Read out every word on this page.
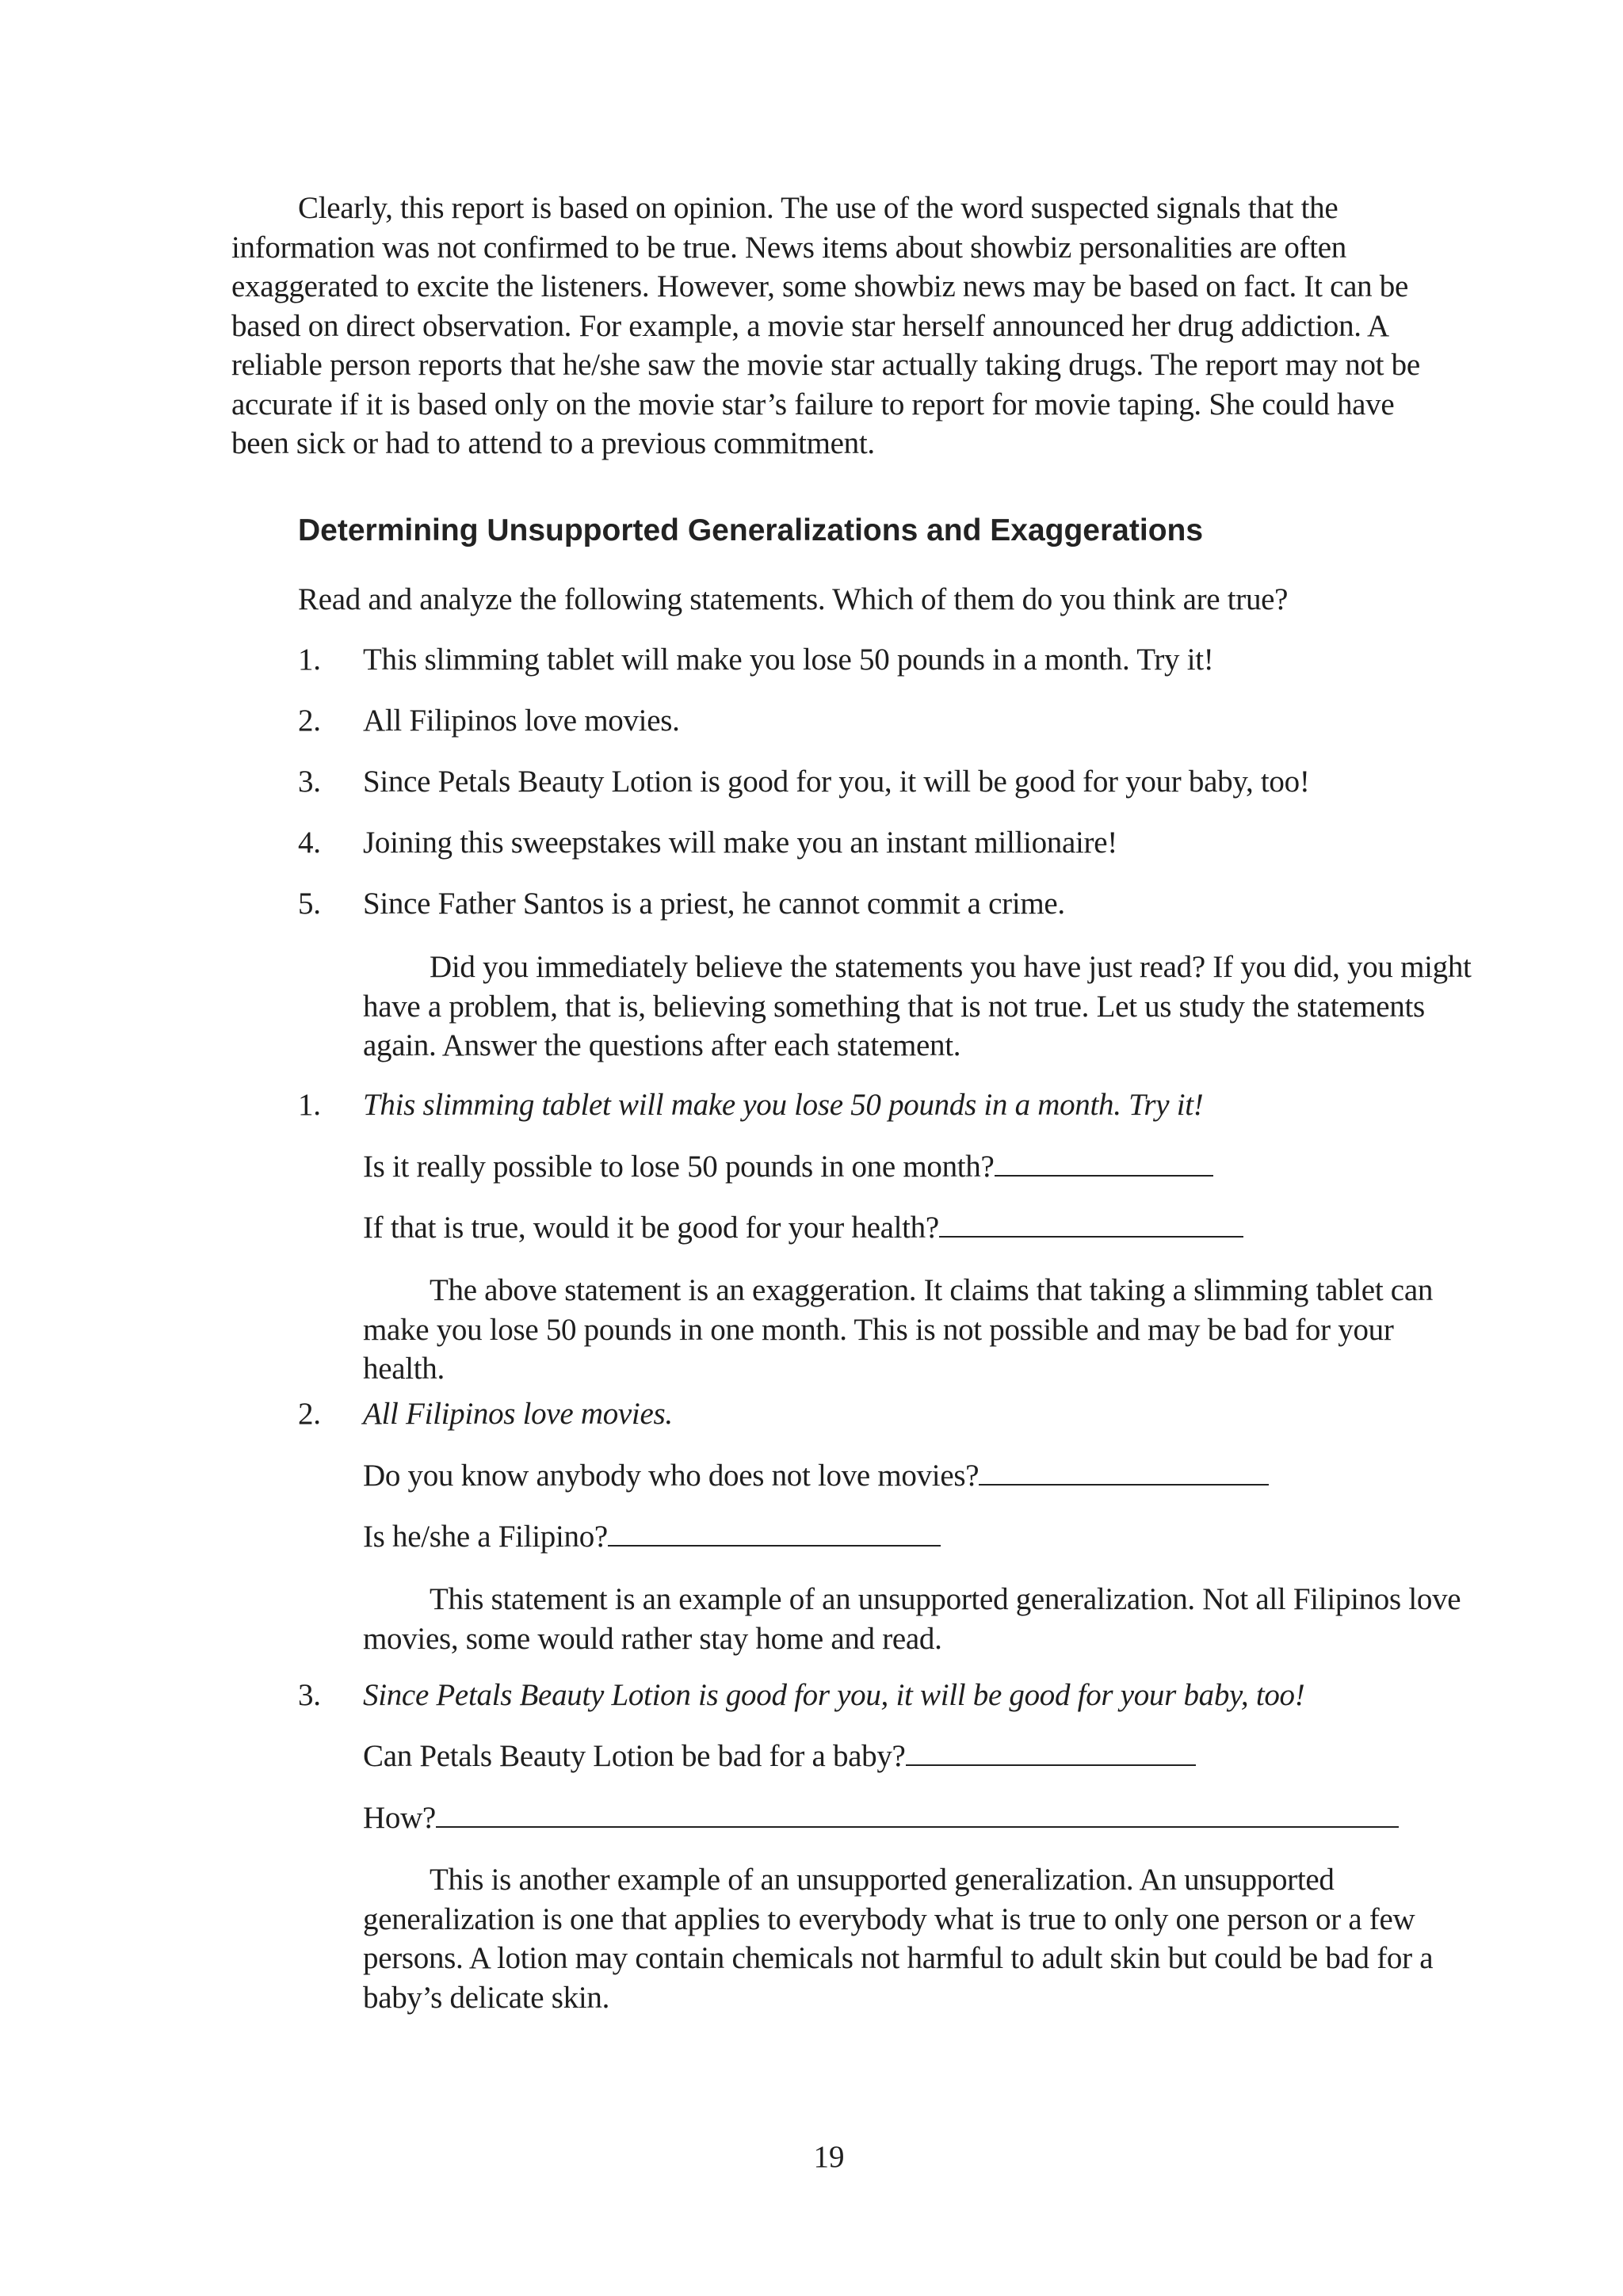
Clearly, this report is based on opinion. The use of the word suspected signals that the information was not confirmed to be true. News items about showbiz personalities are often exaggerated to excite the listeners. However, some showbiz news may be based on fact. It can be based on direct observation. For example, a movie star herself announced her drug addiction. A reliable person reports that he/she saw the movie star actually taking drugs. The report may not be accurate if it is based only on the movie star’s failure to report for movie taping. She could have been sick or had to attend to a previous commitment.

Determining Unsupported Generalizations and Exaggerations

Read and analyze the following statements. Which of them do you think are true?

1. This slimming tablet will make you lose 50 pounds in a month. Try it!
2. All Filipinos love movies.
3. Since Petals Beauty Lotion is good for you, it will be good for your baby, too!
4. Joining this sweepstakes will make you an instant millionaire!
5. Since Father Santos is a priest, he cannot commit a crime.

Did you immediately believe the statements you have just read? If you did, you might have a problem, that is, believing something that is not true. Let us study the statements again. Answer the questions after each statement.

1. This slimming tablet will make you lose 50 pounds in a month. Try it!
Is it really possible to lose 50 pounds in one month?
If that is true, would it be good for your health?

The above statement is an exaggeration. It claims that taking a slimming tablet can make you lose 50 pounds in one month. This is not possible and may be bad for your health.

2. All Filipinos love movies.
Do you know anybody who does not love movies?
Is he/she a Filipino?

This statement is an example of an unsupported generalization. Not all Filipinos love movies, some would rather stay home and read.

3. Since Petals Beauty Lotion is good for you, it will be good for your baby, too!
Can Petals Beauty Lotion be bad for a baby?
How?

This is another example of an unsupported generalization. An unsupported generalization is one that applies to everybody what is true to only one person or a few persons. A lotion may contain chemicals not harmful to adult skin but could be bad for a baby’s delicate skin.

19
